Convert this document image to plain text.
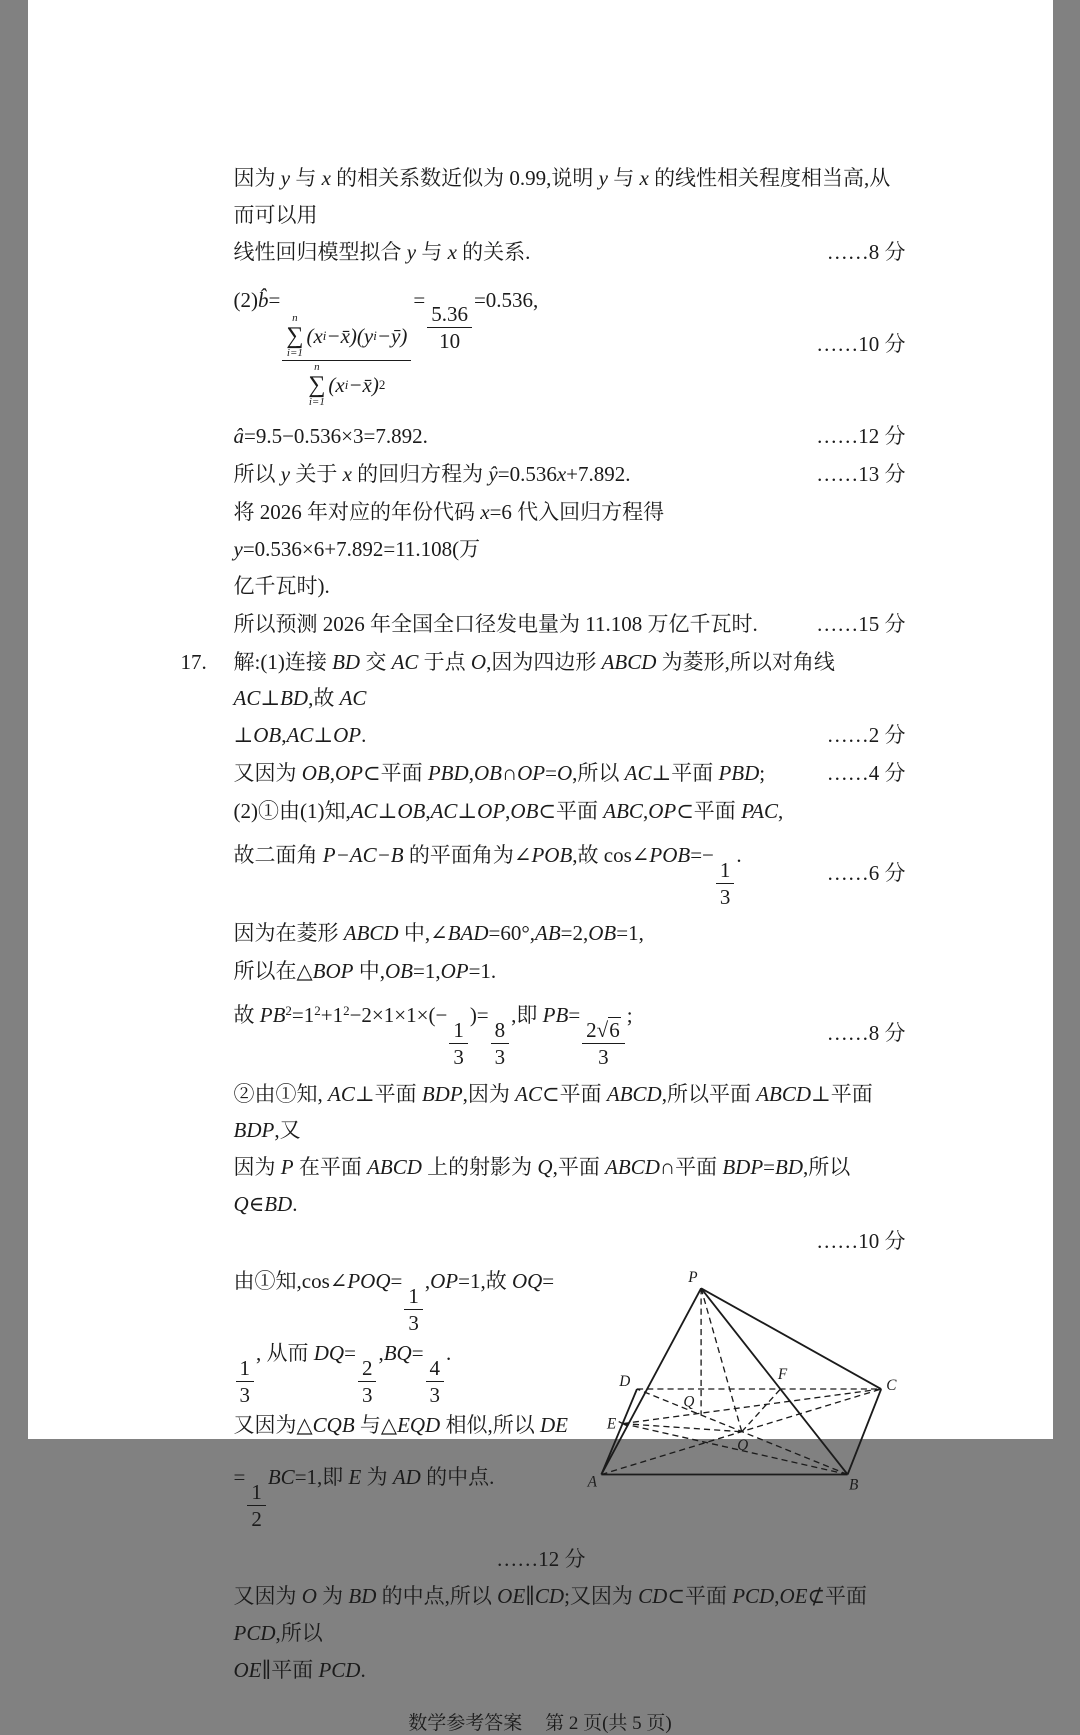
因为 y 与 x 的相关系数近似为 0.99,说明 y 与 x 的线性相关程度相当高,从而可以用
线性回归模型拟合 y 与 x 的关系.	……8 分
(2)b̂=
n
∑
i=1
(x i −x̄)(y i −ȳ)
n
∑
i=1
(x i −x̄) 2
=
$\frac{5.36}{10}$
=0.536,
……10 分
â=9.5−0.536×3=7.892.	……12 分
所以 y 关于 x 的回归方程为 ŷ=0.536x+7.892.	……13 分
将 2026 年对应的年份代码 x=6 代入回归方程得 y=0.536×6+7.892=11.108(万
亿千瓦时).
所以预测 2026 年全国全口径发电量为 11.108 万亿千瓦时.	……15 分
17.	解:(1)连接 BD 交 AC 于点 O,因为四边形 ABCD 为菱形,所以对角线 AC⊥BD,故 AC
⊥OB,AC⊥OP.	……2 分
又因为 OB,OP⊂平面 PBD,OB∩OP=O,所以 AC⊥平面 PBD;	……4 分
(2)①由(1)知,AC⊥OB,AC⊥OP,OB⊂平面 ABC,OP⊂平面 PAC,
故二面角 P−AC−B 的平面角为∠POB,故 cos∠POB=−
$\frac{1}{3}$
.
……6 分
因为在菱形 ABCD 中,∠BAD=60°,AB=2,OB=1,
所以在△BOP 中,OB=1,OP=1.
故 $PB^2=1^2+1^2-2\times 1\times 1\times(-$
$\frac{1}{3}$
)=
$\frac{8}{3}$
,即 PB=
$\frac{2 √ 6}{3}$
;
……8 分
②由①知, AC⊥平面 BDP,因为 AC⊂平面 ABCD,所以平面 ABCD⊥平面 BDP,又
因为 P 在平面 ABCD 上的射影为 Q,平面 ABCD∩平面 BDP=BD,所以 Q∈BD.
……10 分
由①知,cos∠POQ=
$\frac{1}{3}$
,OP=1,故 OQ=
$\frac{1}{3}$
, 从而 DQ=
$\frac{2}{3}$
,BQ=
$\frac{4}{3}$
.
又因为△CQB 与△EQD 相似,所以 DE
=
$\frac{1}{2}$
BC=1,即 E 为 AD 的中点.
……12 分
P
A	B
C
D
E
O
Q
F
又因为 O 为 BD 的中点,所以 OE∥CD;又因为 CD⊂平面 PCD,OE⊄平面 PCD,所以
OE∥平面 PCD.
数学参考答案 第 2 页(共 5 页)
